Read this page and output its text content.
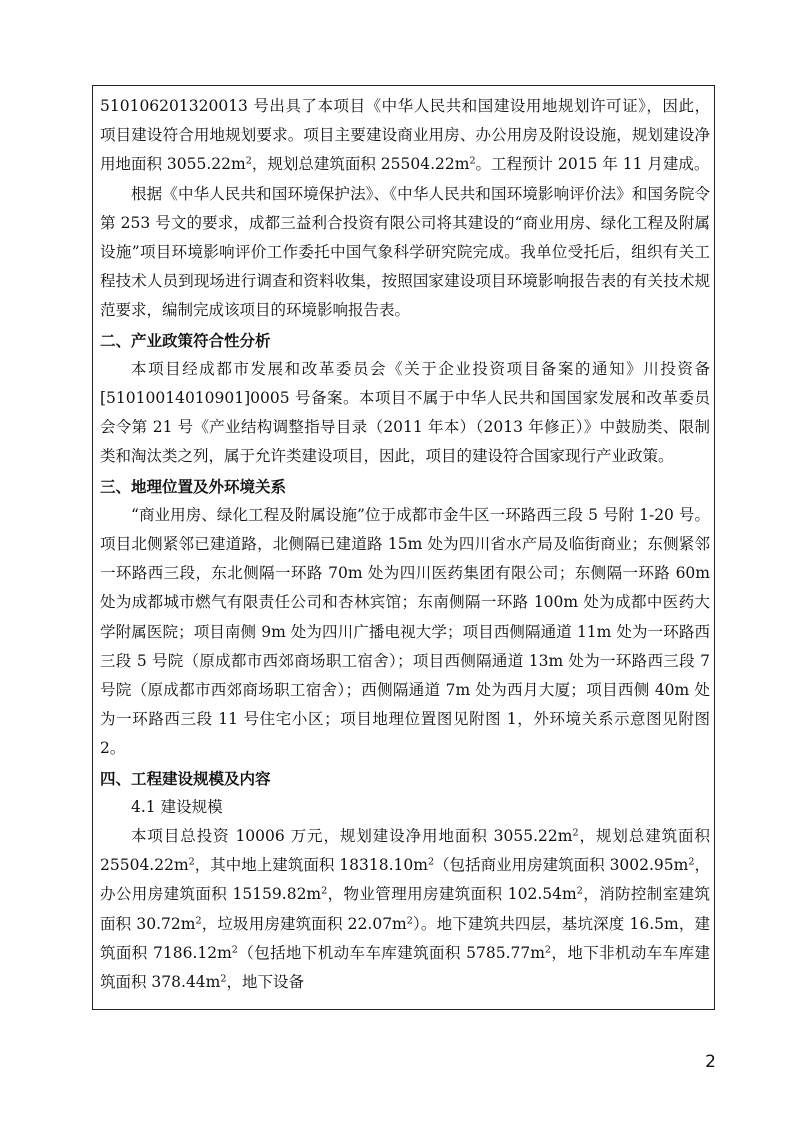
510106201320013 号出具了本项目《中华人民共和国建设用地规划许可证》，因此，项目建设符合用地规划要求。项目主要建设商业用房、办公用房及附设设施，规划建设净用地面积 $3055.22m^2$，规划总建筑面积 $25504.22m^2$。工程预计 2015 年 11 月建成。

根据《中华人民共和国环境保护法》、《中华人民共和国环境影响评价法》和国务院令第 253 号文的要求，成都三益利合投资有限公司将其建设的“商业用房、绿化工程及附属设施”项目环境影响评价工作委托中国气象科学研究院完成。我单位受托后，组织有关工程技术人员到现场进行调查和资料收集，按照国家建设项目环境影响报告表的有关技术规范要求，编制完成该项目的环境影响报告表。

二、产业政策符合性分析

本项目经成都市发展和改革委员会《关于企业投资项目备案的通知》川投资备[51010014010901]0005 号备案。本项目不属于中华人民共和国国家发展和改革委员会令第 21 号《产业结构调整指导目录（2011 年本）（2013 年修正）》中鼓励类、限制类和淘汰类之列，属于允许类建设项目，因此，项目的建设符合国家现行产业政策。

三、地理位置及外环境关系

“商业用房、绿化工程及附属设施”位于成都市金牛区一环路西三段 5 号附 1-20 号。项目北侧紧邻已建道路，北侧隔已建道路 15m 处为四川省水产局及临街商业；东侧紧邻一环路西三段，东北侧隔一环路 70m 处为四川医药集团有限公司；东侧隔一环路 60m 处为成都城市燃气有限责任公司和杏林宾馆；东南侧隔一环路 100m 处为成都中医药大学附属医院；项目南侧 9m 处为四川广播电视大学；项目西侧隔通道 11m 处为一环路西三段 5 号院（原成都市西郊商场职工宿舍）；项目西侧隔通道 13m 处为一环路西三段 7 号院（原成都市西郊商场职工宿舍）；西侧隔通道 7m 处为西月大厦；项目西侧 40m 处为一环路西三段 11 号住宅小区；项目地理位置图见附图 1，外环境关系示意图见附图 2。

四、工程建设规模及内容

4.1 建设规模

本项目总投资 10006 万元，规划建设净用地面积 $3055.22m^2$，规划总建筑面积 $25504.22m^2$，其中地上建筑面积 $18318.10m^2$（包括商业用房建筑面积 $3002.95m^2$，办公用房建筑面积 $15159.82m^2$，物业管理用房建筑面积 $102.54m^2$，消防控制室建筑面积 $30.72m^2$，垃圾用房建筑面积 $22.07m^2$）。地下建筑共四层，基坑深度 16.5m，建筑面积 $7186.12m^2$（包括地下机动车车库建筑面积 $5785.77m^2$，地下非机动车车库建筑面积 $378.44m^2$，地下设备

2
